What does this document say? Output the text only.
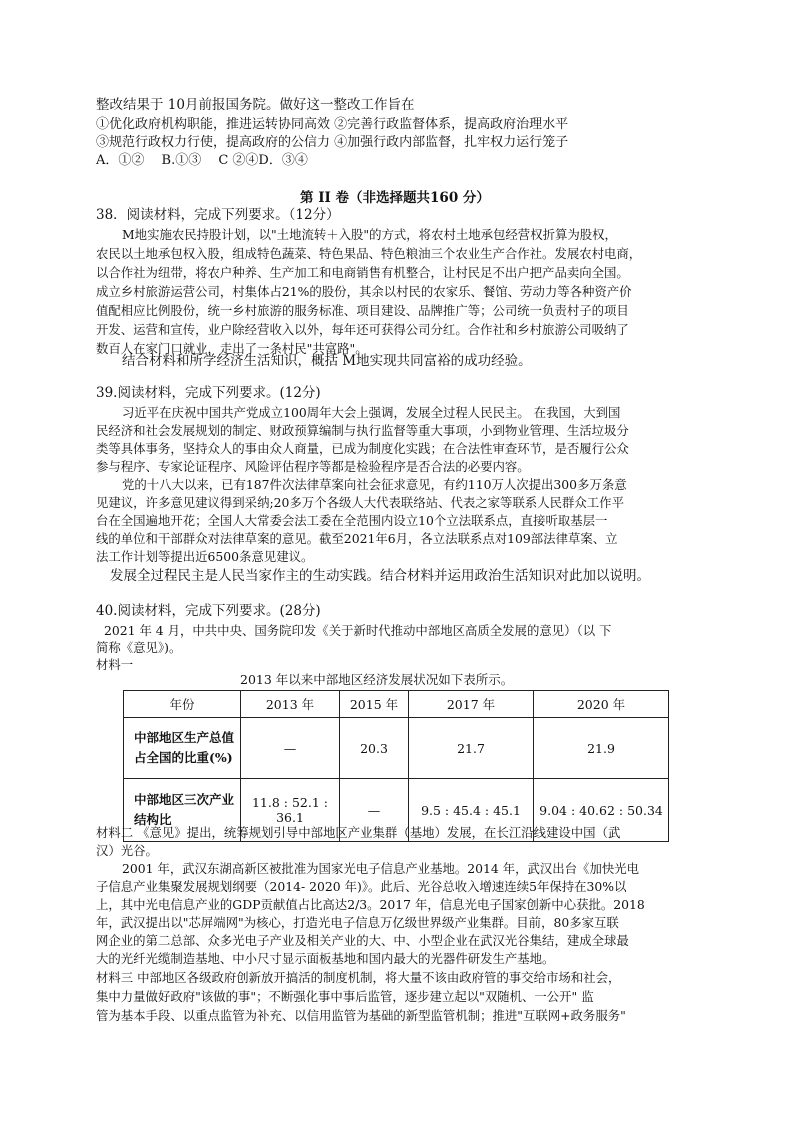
整改结果于 10月前报国务院。做好这一整改工作旨在
①优化政府机构职能，推进运转协同高效 ②完善行政监督体系，提高政府治理水平
③规范行政权力行使，提高政府的公信力 ④加强行政内部监督，扎牢权力运行笼子
A．①②　 B.①③　 C ②④D．③④
第 II 卷（非选择题共160 分）
38．阅读材料，完成下列要求。（12分）
M地实施农民持股计划，以"土地流转＋入股"的方式，将农村土地承包经营权折算为股权，
农民以土地承包权入股，组成特色蔬菜、特色果品、特色粮油三个农业生产合作社。发展农村电商，
以合作社为纽带，将农户种养、生产加工和电商销售有机整合，让村民足不出户把产品卖向全国。
成立乡村旅游运营公司，村集体占21%的股份，其余以村民的农家乐、餐馆、劳动力等各种资产价
值配相应比例股份，统一乡村旅游的服务标准、项目建设、品牌推广等；公司统一负责村子的项目
开发、运营和宣传，业户除经营收入以外，每年还可获得公司分红。合作社和乡村旅游公司吸纳了
数百人在家门口就业，走出了一条村民"共富路"。
结合材料和所学经济生活知识，概括 M地实现共同富裕的成功经验。
39.阅读材料，完成下列要求。(12分)
习近平在庆祝中国共产党成立100周年大会上强调，发展全过程人民民主。 在我国，大到国
民经济和社会发展规划的制定、财政预算编制与执行监督等重大事项，小到物业管理、生活垃圾分
类等具体事务，坚持众人的事由众人商量，已成为制度化实践；在合法性审查环节，是否履行公众
参与程序、专家论证程序、风险评估程序等都是检验程序是否合法的必要内容。
党的十八大以来，已有187件次法律草案向社会征求意见，有约110万人次提出300多万条意
见建议，许多意见建议得到采纳;20多万个各级人大代表联络站、代表之家等联系人民群众工作平
台在全国遍地开花；全国人大常委会法工委在全范围内设立10个立法联系点，直接听取基层一
线的单位和干部群众对法律草案的意见。截至2021年6月，各立法联系点对109部法律草案、立
法工作计划等提出近6500条意见建议。
发展全过程民主是人民当家作主的生动实践。结合材料并运用政治生活知识对此加以说明。
40.阅读材料，完成下列要求。(28分)
2021 年 4 月，中共中央、国务院印发《关于新时代推动中部地区高质全发展的意见）（以 下
简称《意见》)。
材料一
2013 年以来中部地区经济发展状况如下表所示。
年份	2013 年	2015 年	2017 年	2020 年

中部地区生产总值
占全国的比重(%)	—	20.3	21.7	21.9

中部地区三次产业
结构比	11.8 : 52.1 : 36.1	—	9.5 : 45.4 : 45.1	9.04 : 40.62 : 50.34
材料二 《意见》提出，统筹规划引导中部地区产业集群（基地）发展，在长江沿线建设中国（武
汉）光谷。
2001 年，武汉东湖高新区被批准为国家光电子信息产业基地。2014 年，武汉出台《加快光电
子信息产业集聚发展规划纲要（2014- 2020 年)》。此后、光谷总收入增速连续5年保持在30%以
上，其中光电信息产业的GDP贡献值占比高达2/3。2017 年，信息光电子国家创新中心获批。2018
年，武汉提出以"芯屏端网"为核心，打造光电子信息万亿级世界级产业集群。目前，80多家互联
网企业的第二总部、众多光电子产业及相关产业的大、中、小型企业在武汉光谷集结，建成全球最
大的光纤光缆制造基地、中小尺寸显示面板基地和国内最大的光器件研发生产基地。
材料三 中部地区各级政府创新放开搞活的制度机制，将大量不该由政府管的事交给市场和社会，
集中力量做好政府"该做的事"；不断强化事中事后监管，逐步建立起以"双随机、一公开" 监
管为基本手段、以重点监管为补充、以信用监管为基础的新型监管机制；推进"互联网+政务服务"
